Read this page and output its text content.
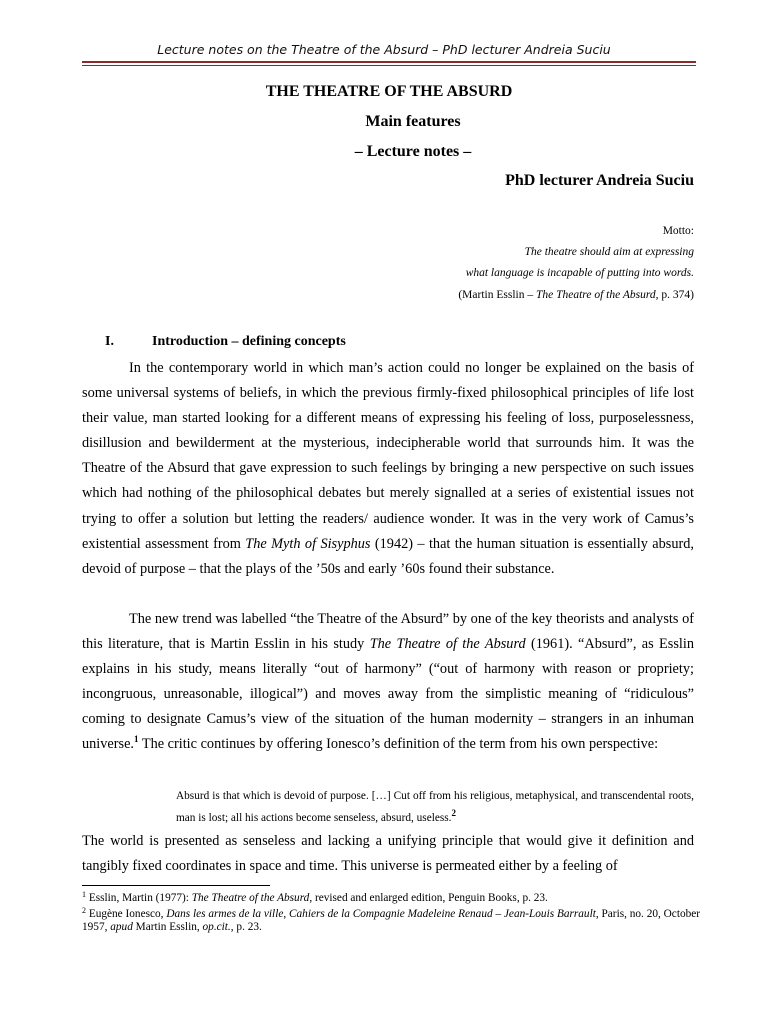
Lecture notes on the Theatre of the Absurd – PhD lecturer Andreia Suciu
THE THEATRE OF THE ABSURD
Main features
– Lecture notes –
PhD lecturer Andreia Suciu
Motto:
The theatre should aim at expressing
what language is incapable of putting into words.
(Martin Esslin – The Theatre of the Absurd, p. 374)
I.	Introduction – defining concepts

In the contemporary world in which man’s action could no longer be explained on the basis of some universal systems of beliefs, in which the previous firmly-fixed philosophical principles of life lost their value, man started looking for a different means of expressing his feeling of loss, purposelessness, disillusion and bewilderment at the mysterious, indecipherable world that surrounds him. It was the Theatre of the Absurd that gave expression to such feelings by bringing a new perspective on such issues which had nothing of the philosophical debates but merely signalled at a series of existential issues not trying to offer a solution but letting the readers/ audience wonder. It was in the very work of Camus’s existential assessment from The Myth of Sisyphus (1942) – that the human situation is essentially absurd, devoid of purpose – that the plays of the ’50s and early ’60s found their substance.

The new trend was labelled “the Theatre of the Absurd” by one of the key theorists and analysts of this literature, that is Martin Esslin in his study The Theatre of the Absurd (1961). “Absurd”, as Esslin explains in his study, means literally “out of harmony” (“out of harmony with reason or propriety; incongruous, unreasonable, illogical”) and moves away from the simplistic meaning of “ridiculous” coming to designate Camus’s view of the situation of the human modernity – strangers in an inhuman universe.$^1$ The critic continues by offering Ionesco’s definition of the term from his own perspective:

Absurd is that which is devoid of purpose. […] Cut off from his religious, metaphysical, and transcendental roots, man is lost; all his actions become senseless, absurd, useless.$^2$

The world is presented as senseless and lacking a unifying principle that would give it definition and tangibly fixed coordinates in space and time. This universe is permeated either by a feeling of

$^1$ Esslin, Martin (1977): The Theatre of the Absurd, revised and enlarged edition, Penguin Books, p. 23.

$^2$ Eugène Ionesco, Dans les armes de la ville, Cahiers de la Compagnie Madeleine Renaud – Jean-Louis Barrault, Paris, no. 20, October 1957, apud Martin Esslin, op.cit., p. 23.
